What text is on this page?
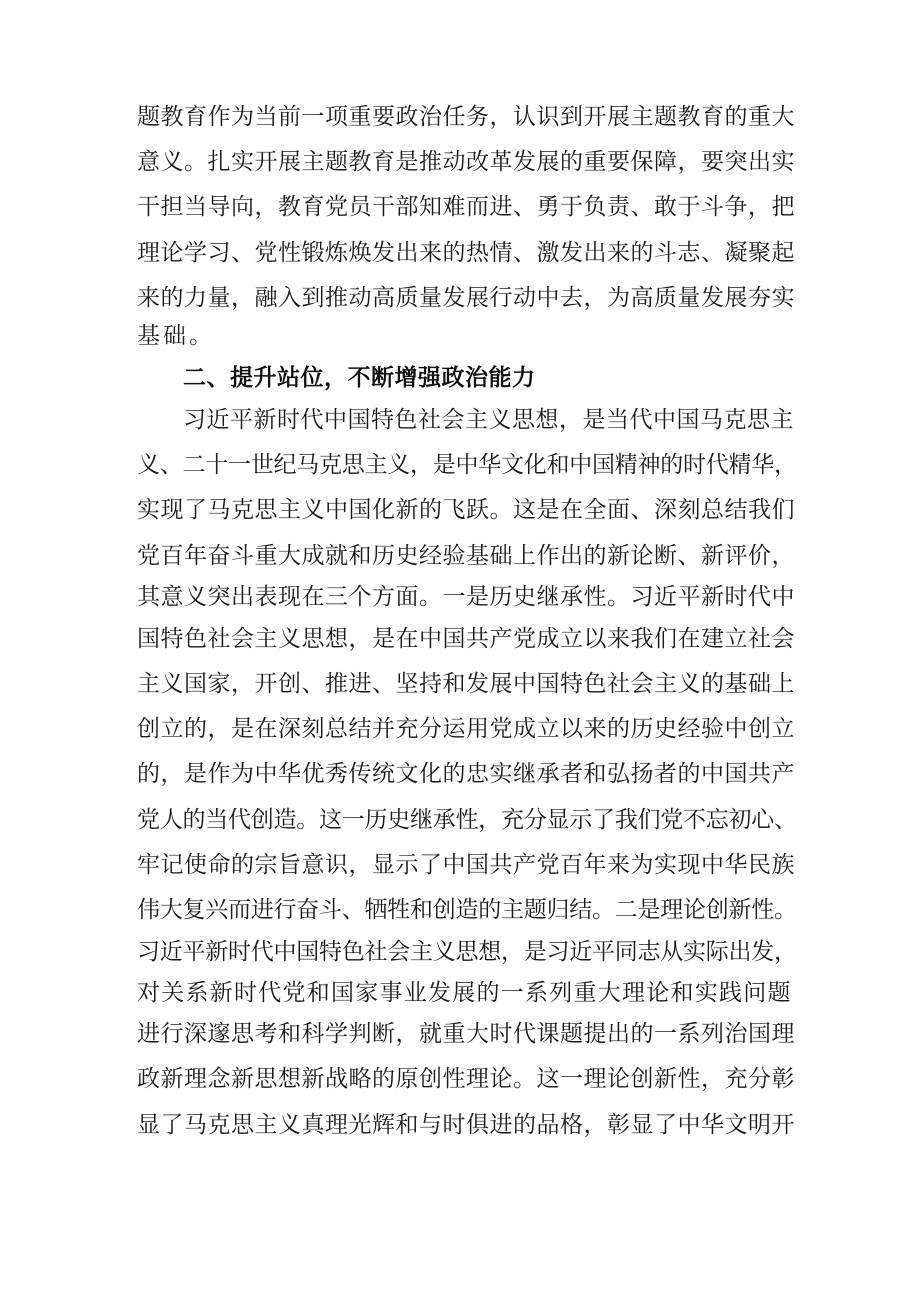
题教育作为当前一项重要政治任务，认识到开展主题教育的重大
意义。扎实开展主题教育是推动改革发展的重要保障，要突出实
干担当导向，教育党员干部知难而进、勇于负责、敢于斗争，把
理论学习、党性锻炼焕发出来的热情、激发出来的斗志、凝聚起
来的力量，融入到推动高质量发展行动中去，为高质量发展夯实
基础。
二、提升站位，不断增强政治能力
习近平新时代中国特色社会主义思想，是当代中国马克思主
义、二十一世纪马克思主义，是中华文化和中国精神的时代精华，
实现了马克思主义中国化新的飞跃。这是在全面、深刻总结我们
党百年奋斗重大成就和历史经验基础上作出的新论断、新评价，
其意义突出表现在三个方面。一是历史继承性。习近平新时代中
国特色社会主义思想，是在中国共产党成立以来我们在建立社会
主义国家，开创、推进、坚持和发展中国特色社会主义的基础上
创立的，是在深刻总结并充分运用党成立以来的历史经验中创立
的，是作为中华优秀传统文化的忠实继承者和弘扬者的中国共产
党人的当代创造。这一历史继承性，充分显示了我们党不忘初心、
牢记使命的宗旨意识，显示了中国共产党百年来为实现中华民族
伟大复兴而进行奋斗、牺牲和创造的主题归结。二是理论创新性。
习近平新时代中国特色社会主义思想，是习近平同志从实际出发，
对关系新时代党和国家事业发展的一系列重大理论和实践问题
进行深邃思考和科学判断，就重大时代课题提出的一系列治国理
政新理念新思想新战略的原创性理论。这一理论创新性，充分彰
显了马克思主义真理光辉和与时俱进的品格，彰显了中华文明开
